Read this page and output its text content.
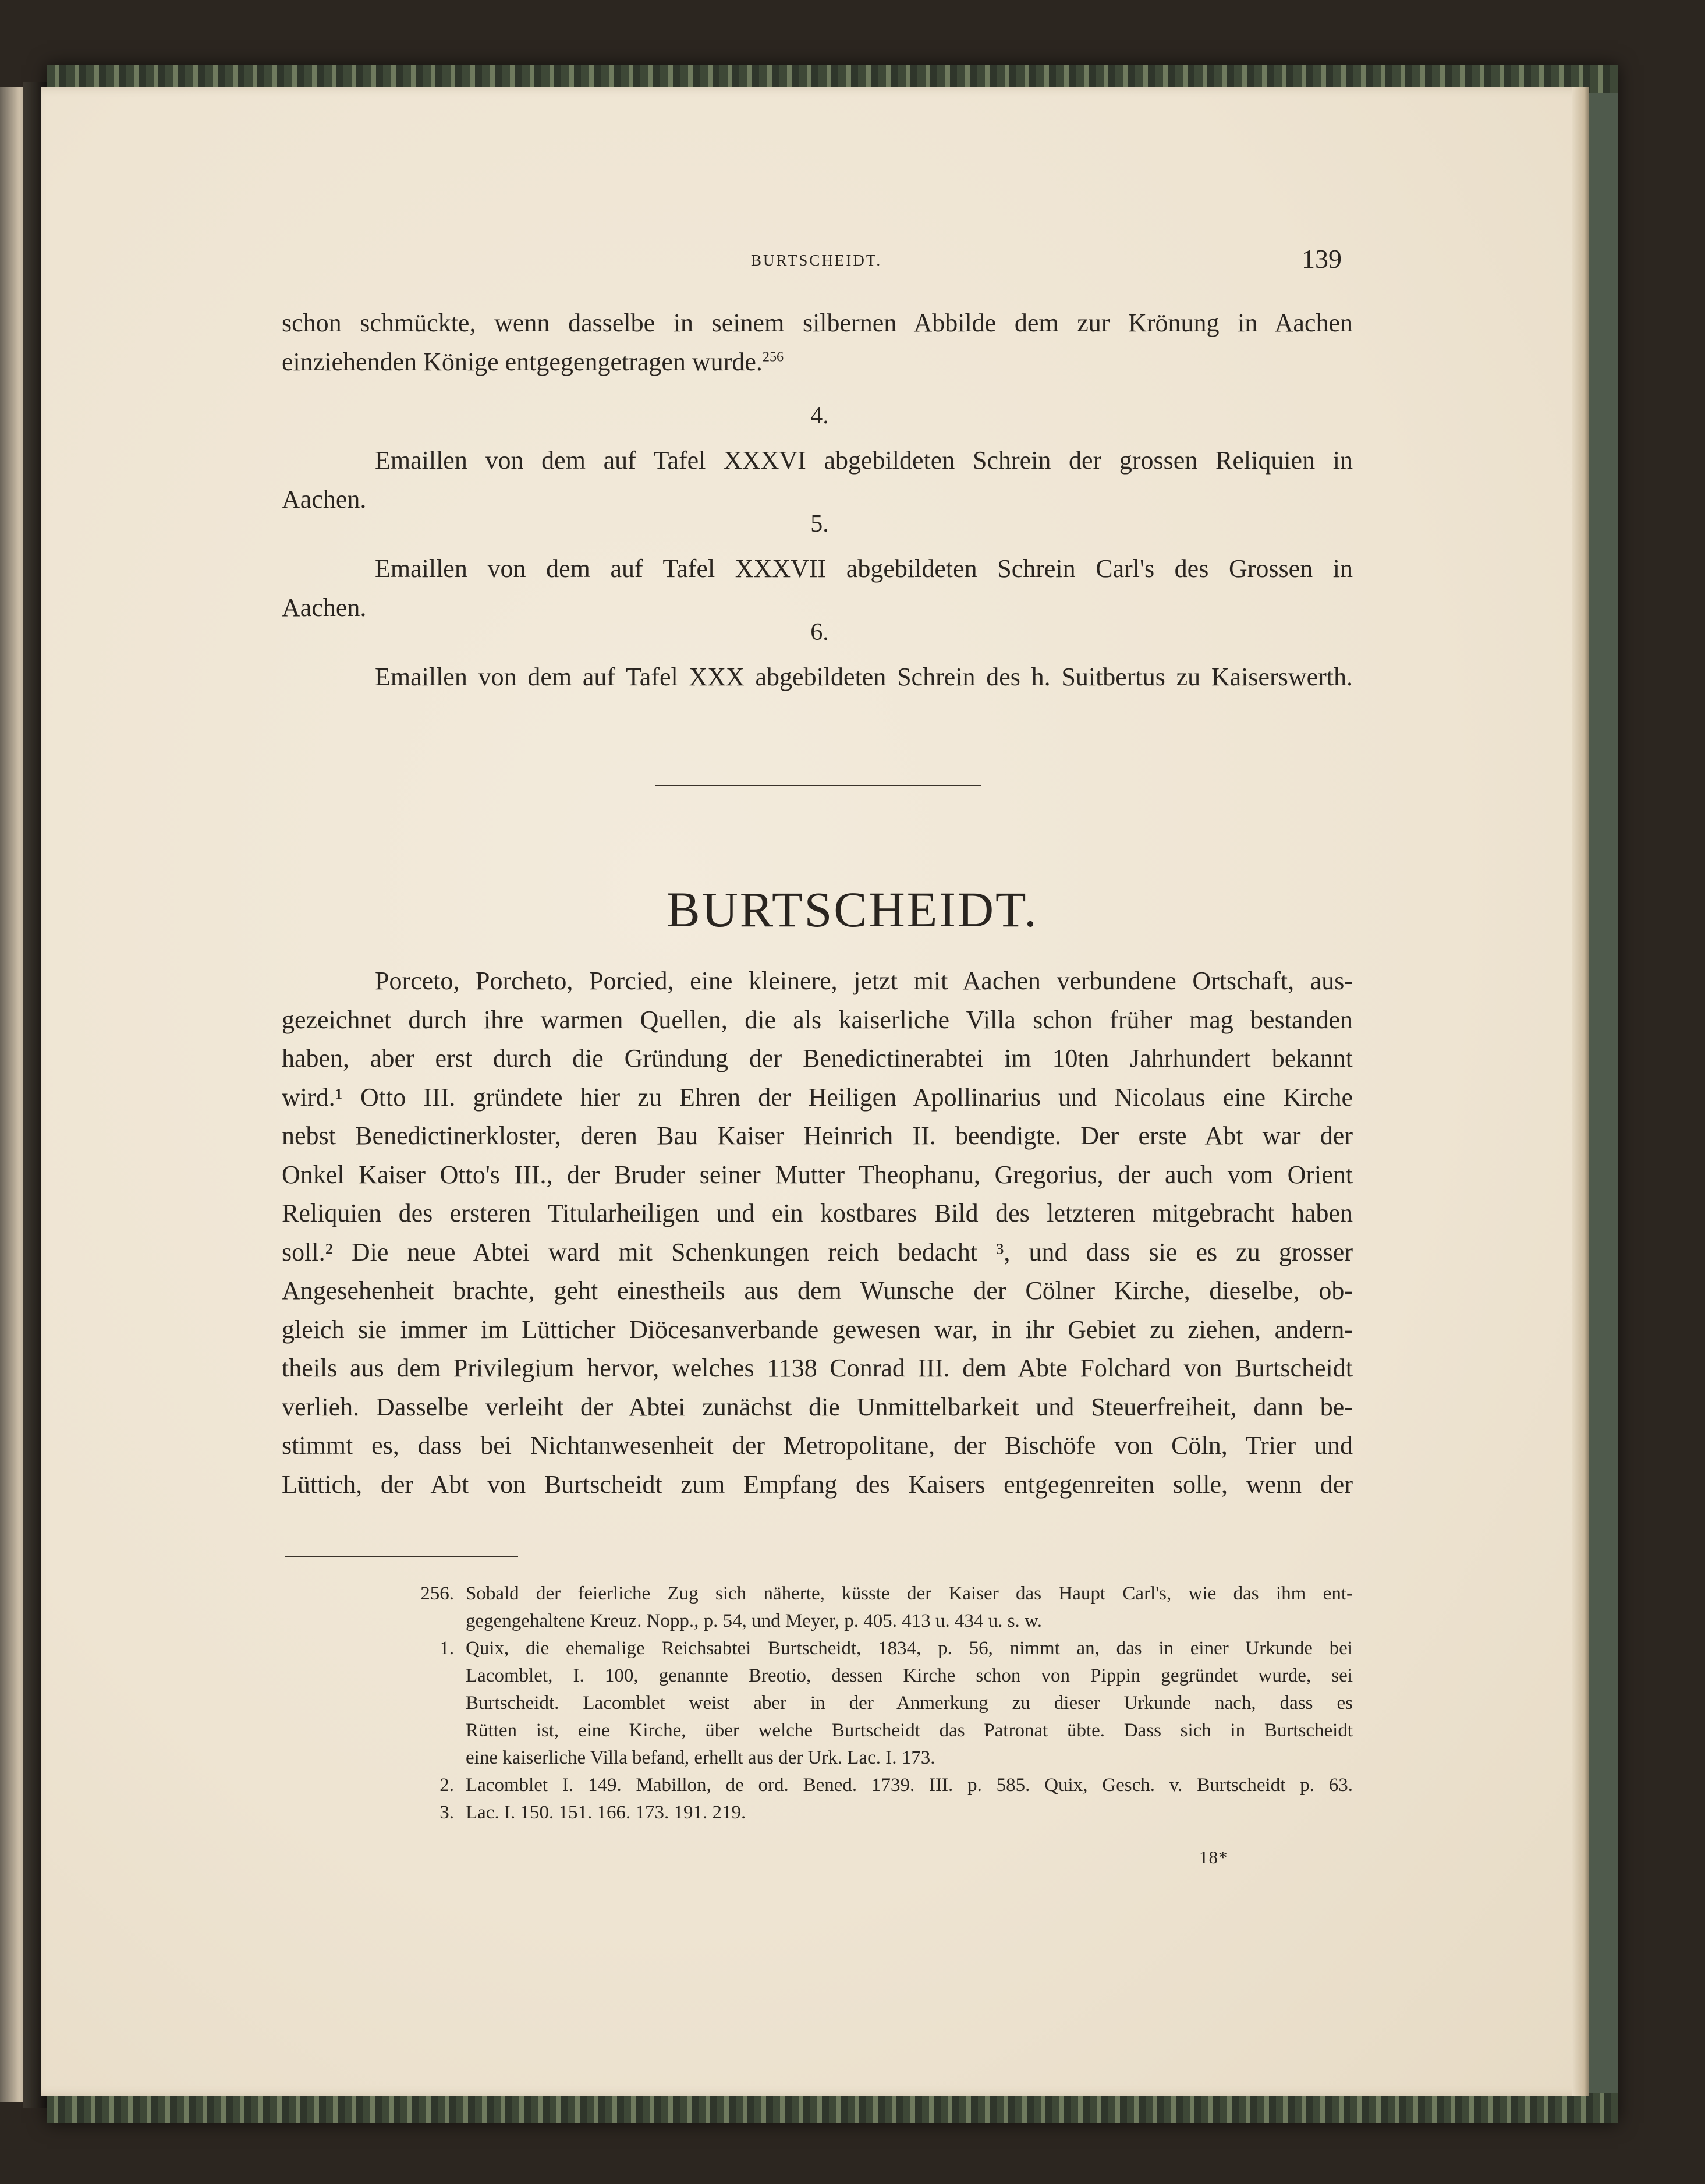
BURTSCHEIDT.	139
schon schmückte, wenn dasselbe in seinem silbernen Abbilde dem zur Krönung in Aachen
einziehenden Könige entgegengetragen wurde.$^{256}$
4.
Emaillen von dem auf Tafel XXXVI abgebildeten Schrein der grossen Reliquien in
Aachen.
5.
Emaillen von dem auf Tafel XXXVII abgebildeten Schrein Carl's des Grossen in
Aachen.
6.
Emaillen von dem auf Tafel XXX abgebildeten Schrein des h. Suitbertus zu Kaiserswerth.
BURTSCHEIDT.
Porceto, Porcheto, Porcied, eine kleinere, jetzt mit Aachen verbundene Ortschaft, aus-
gezeichnet durch ihre warmen Quellen, die als kaiserliche Villa schon früher mag bestanden
haben, aber erst durch die Gründung der Benedictinerabtei im 10ten Jahrhundert bekannt
wird.¹ Otto III. gründete hier zu Ehren der Heiligen Apollinarius und Nicolaus eine Kirche
nebst Benedictinerkloster, deren Bau Kaiser Heinrich II. beendigte. Der erste Abt war der
Onkel Kaiser Otto's III., der Bruder seiner Mutter Theophanu, Gregorius, der auch vom Orient
Reliquien des ersteren Titularheiligen und ein kostbares Bild des letzteren mitgebracht haben
soll.² Die neue Abtei ward mit Schenkungen reich bedacht ³, und dass sie es zu grosser
Angesehenheit brachte, geht einestheils aus dem Wunsche der Cölner Kirche, dieselbe, ob-
gleich sie immer im Lütticher Diöcesanverbande gewesen war, in ihr Gebiet zu ziehen, andern-
theils aus dem Privilegium hervor, welches 1138 Conrad III. dem Abte Folchard von Burtscheidt
verlieh. Dasselbe verleiht der Abtei zunächst die Unmittelbarkeit und Steuerfreiheit, dann be-
stimmt es, dass bei Nichtanwesenheit der Metropolitane, der Bischöfe von Cöln, Trier und
Lüttich, der Abt von Burtscheidt zum Empfang des Kaisers entgegenreiten solle, wenn der
256. Sobald der feierliche Zug sich näherte, küsste der Kaiser das Haupt Carl's, wie das ihm ent-
gegengehaltene Kreuz. Nopp., p. 54, und Meyer, p. 405. 413 u. 434 u. s. w.
1. Quix, die ehemalige Reichsabtei Burtscheidt, 1834, p. 56, nimmt an, das in einer Urkunde bei
Lacomblet, I. 100, genannte Breotio, dessen Kirche schon von Pippin gegründet wurde, sei
Burtscheidt. Lacomblet weist aber in der Anmerkung zu dieser Urkunde nach, dass es
Rütten ist, eine Kirche, über welche Burtscheidt das Patronat übte. Dass sich in Burtscheidt
eine kaiserliche Villa befand, erhellt aus der Urk. Lac. I. 173.
2. Lacomblet I. 149. Mabillon, de ord. Bened. 1739. III. p. 585. Quix, Gesch. v. Burtscheidt p. 63.
3. Lac. I. 150. 151. 166. 173. 191. 219.
18*
